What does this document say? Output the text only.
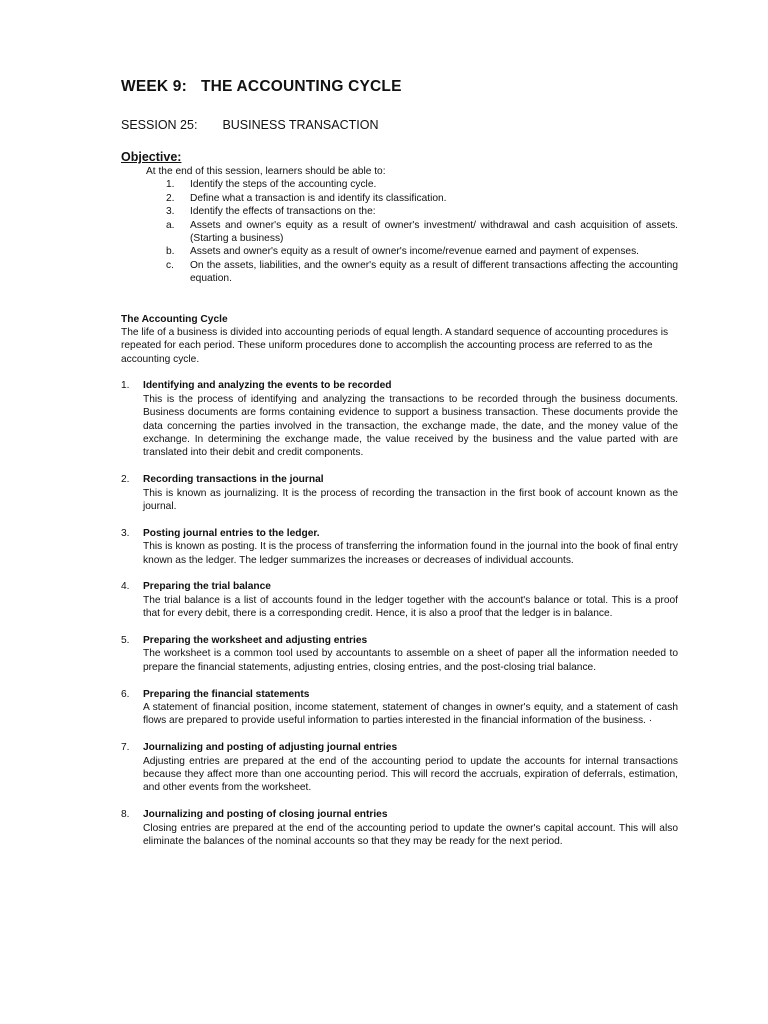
WEEK 9: THE ACCOUNTING CYCLE
SESSION 25: BUSINESS TRANSACTION
Objective:
At the end of this session, learners should be able to:
1. Identify the steps of the accounting cycle.
2. Define what a transaction is and identify its classification.
3. Identify the effects of transactions on the:
a. Assets and owner's equity as a result of owner's investment/ withdrawal and cash acquisition of assets. (Starting a business)
b. Assets and owner's equity as a result of owner's income/revenue earned and payment of expenses.
c. On the assets, liabilities, and the owner's equity as a result of different transactions affecting the accounting equation.
The Accounting Cycle
The life of a business is divided into accounting periods of equal length. A standard sequence of accounting procedures is repeated for each period. These uniform procedures done to accomplish the accounting process are referred to as the accounting cycle.
1. Identifying and analyzing the events to be recorded
This is the process of identifying and analyzing the transactions to be recorded through the business documents. Business documents are forms containing evidence to support a business transaction. These documents provide the data concerning the parties involved in the transaction, the exchange made, the date, and the money value of the exchange. In determining the exchange made, the value received by the business and the value parted with are translated into their debit and credit components.
2. Recording transactions in the journal
This is known as journalizing. It is the process of recording the transaction in the first book of account known as the journal.
3. Posting journal entries to the ledger.
This is known as posting. It is the process of transferring the information found in the journal into the book of final entry known as the ledger. The ledger summarizes the increases or decreases of individual accounts.
4. Preparing the trial balance
The trial balance is a list of accounts found in the ledger together with the account's balance or total. This is a proof that for every debit, there is a corresponding credit. Hence, it is also a proof that the ledger is in balance.
5. Preparing the worksheet and adjusting entries
The worksheet is a common tool used by accountants to assemble on a sheet of paper all the information needed to prepare the financial statements, adjusting entries, closing entries, and the post-closing trial balance.
6. Preparing the financial statements
A statement of financial position, income statement, statement of changes in owner's equity, and a statement of cash flows are prepared to provide useful information to parties interested in the financial information of the business. ·
7. Journalizing and posting of adjusting journal entries
Adjusting entries are prepared at the end of the accounting period to update the accounts for internal transactions because they affect more than one accounting period. This will record the accruals, expiration of deferrals, estimation, and other events from the worksheet.
8. Journalizing and posting of closing journal entries
Closing entries are prepared at the end of the accounting period to update the owner's capital account. This will also eliminate the balances of the nominal accounts so that they may be ready for the next period.
